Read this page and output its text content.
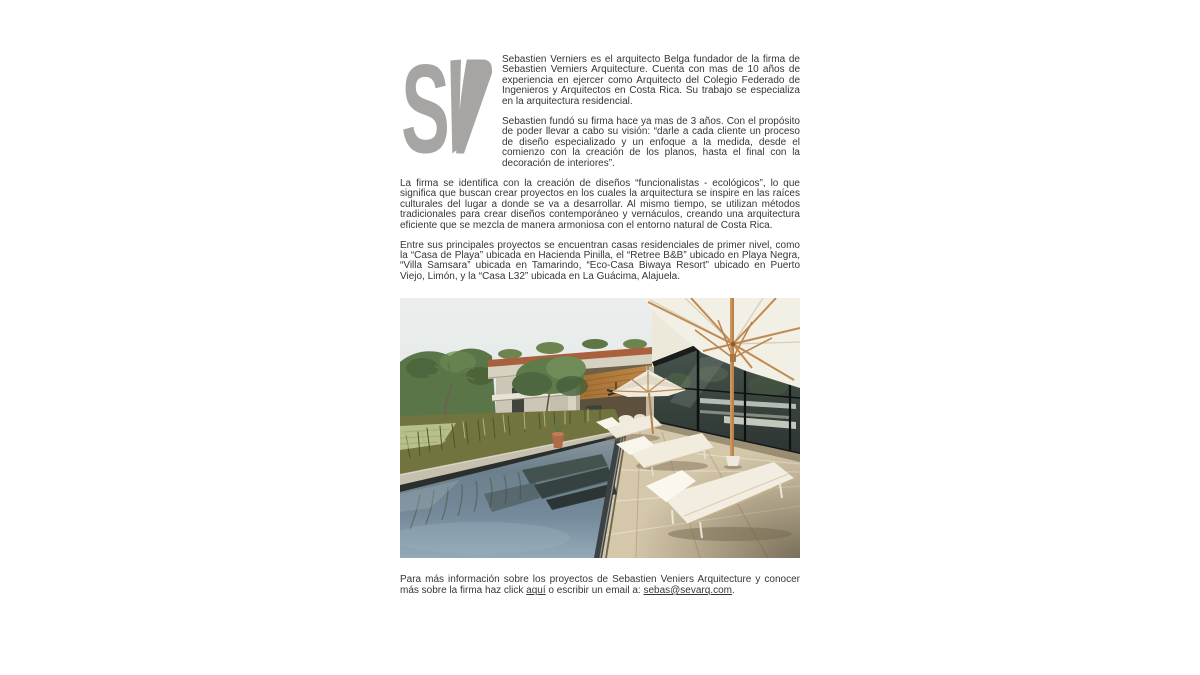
S	Sebastien Verniers es el arquitecto Belga fundador de la firma de Sebastien Verniers Arquitecture. Cuenta con mas de 10 años de experiencia en ejercer como Arquitecto del Colegio Federado de Ingenieros y Arquitectos en Costa Rica. Su trabajo se especializa en la arquitectura residencial.

Sebastien fundó su firma hace ya mas de 3 años. Con el propósito de poder llevar a cabo su visión: “darle a cada cliente un proceso de diseño especializado y un enfoque a la medida, desde el comienzo con la creación de los planos, hasta el final con la decoración de interiores”.

La firma se identifica con la creación de diseños “funcionalistas - ecológicos”, lo que significa que buscan crear proyectos en los cuales la arquitectura se inspire en las raíces culturales del lugar a donde se va a desarrollar. Al mismo tiempo, se utilizan métodos tradicionales para crear diseños contemporáneo y vernáculos, creando una arquitectura eficiente que se mezcla de manera armoniosa con el entorno natural de Costa Rica.

Entre sus principales proyectos se encuentran casas residenciales de primer nivel, como la “Casa de Playa” ubicada en Hacienda Pinilla, el “Retree B&B” ubicado en Playa Negra, “Villa Samsara” ubicada en Tamarindo, “Eco-Casa Biwaya Resort” ubicado en Puerto Viejo, Limón, y la “Casa L32” ubicada en La Guácima, Alajuela.

Para más información sobre los proyectos de Sebastien Veniers Arquitecture y conocer más sobre la firma haz click aquí o escribir un email a: sebas@sevarq.com.
